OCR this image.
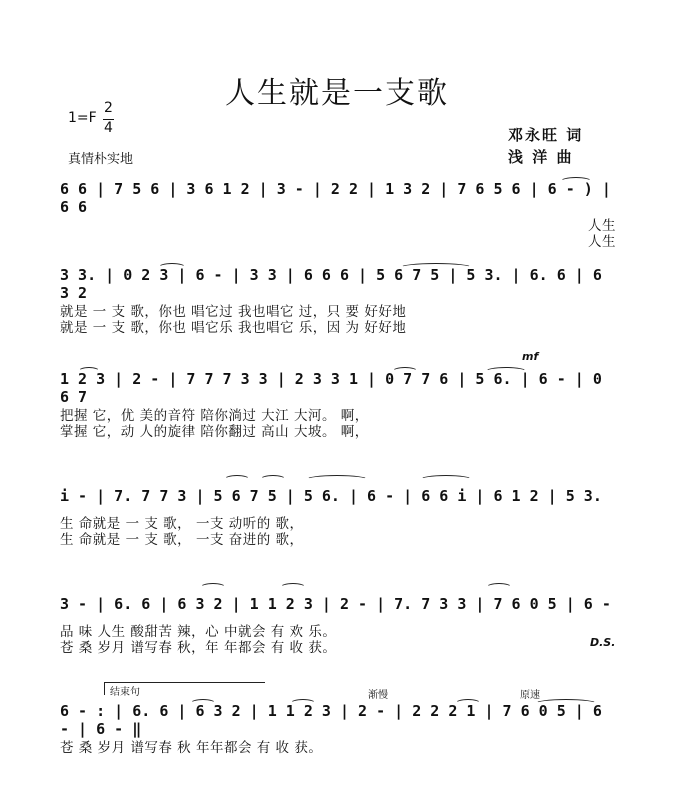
人生就是一支歌
1=F
2
4
真情朴实地
邓永旺 词
浅 洋 曲
6 6 | 7 5 6 | 3 6 1 2 | 3 - | 2 2 | 1 3 2 | 7 6 5 6 | 6 - ) | 6 6
人生
人生
3 3. | 0 2 3 | 6 - | 3 3 | 6 6 6 | 5 6 7 5 | 5 3. | 6. 6 | 6 3 2
就是 一 支 歌，你也 唱它过 我也唱它 过，只 要 好好地
就是 一 支 歌，你也 唱它乐 我也唱它 乐，因 为 好好地
1 2 3 | 2 - | 7 7 7 3 3 | 2 3 3 1 | 0 7 7 6 | 5 6. | 6 - | 0 6 7
把握 它，优 美的音符 陪你淌过 大江 大河。 啊，
掌握 它，动 人的旋律 陪你翻过 高山 大坡。 啊，
mf
i - | 7. 7 7 3 | 5 6 7 5 | 5 6. | 6 - | 6 6 i | 6 1 2 | 5 3.
生 命就是 一 支 歌， 一支 动听的 歌，
生 命就是 一 支 歌， 一支 奋进的 歌，
3 - | 6. 6 | 6 3 2 | 1 1 2 3 | 2 - | 7. 7 3 3 | 7 6 0 5 | 6 -
品 味 人生 酸甜苦 辣，心 中就会 有 欢 乐。
苍 桑 岁月 谱写春 秋，年 年都会 有 收 获。	D.S.
结束句	渐慢	原速
6 - : | 6. 6 | 6 3 2 | 1 1 2 3 | 2 - | 2 2 2 1 | 7 6 0 5 | 6 - | 6 - ‖
苍 桑 岁月 谱写春 秋 年年都会 有 收 获。
